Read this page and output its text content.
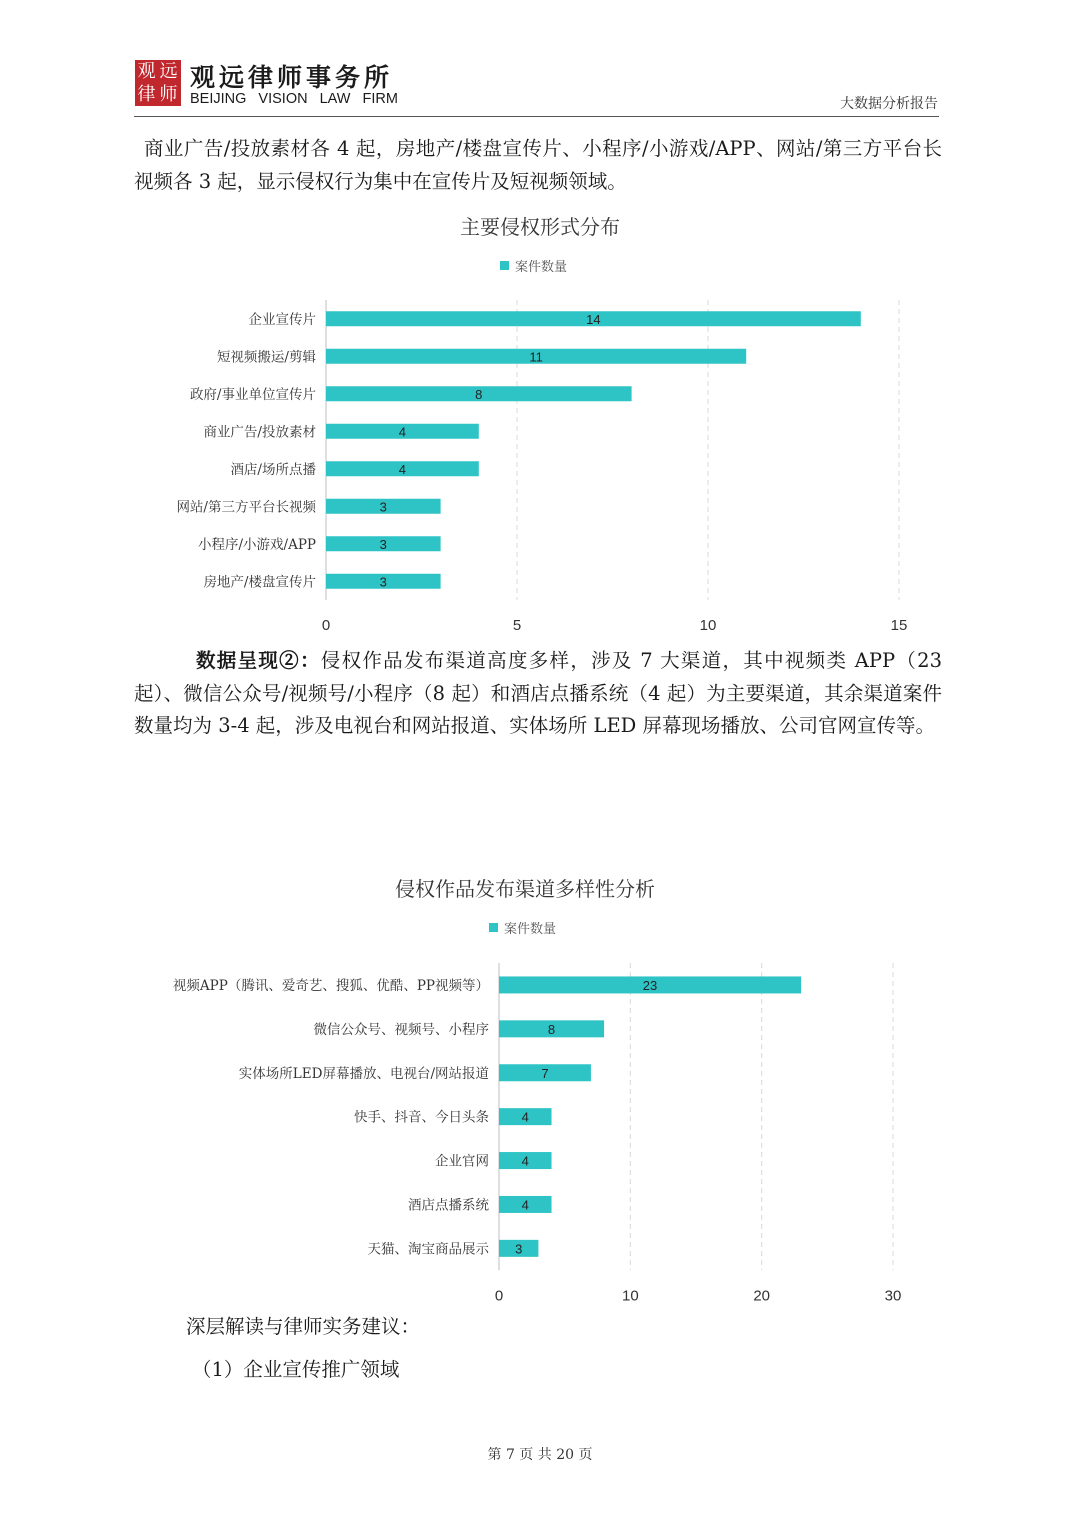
观 远
律 师
观远律师事务所
BEIJING VISION LAW FIRM	大数据分析报告
商业广告/投放素材各 4 起，房地产/楼盘宣传片、小程序/小游戏/APP、网站/第三方平台长视频各 3 起，显示侵权行为集中在宣传片及短视频领域。
主要侵权形式分布
案件数量
0	5	10	15
企业宣传片	14
短视频搬运/剪辑	11
政府/事业单位宣传片	8
商业广告/投放素材	4
酒店/场所点播	4
网站/第三方平台长视频	3
小程序/小游戏/APP	3
房地产/楼盘宣传片	3
数据呈现②：侵权作品发布渠道高度多样，涉及 7 大渠道，其中视频类 APP（23 起）、微信公众号/视频号/小程序（8 起）和酒店点播系统（4 起）为主要渠道，其余渠道案件数量均为 3-4 起，涉及电视台和网站报道、实体场所 LED 屏幕现场播放、公司官网宣传等。
侵权作品发布渠道多样性分析
案件数量
0	10	20	30
视频APP（腾讯、爱奇艺、搜狐、优酷、PP视频等）	23
微信公众号、视频号、小程序	8
实体场所LED屏幕播放、电视台/网站报道	7
快手、抖音、今日头条	4
企业官网	4
酒店点播系统	4
天猫、淘宝商品展示 3
深层解读与律师实务建议：
（1）企业宣传推广领域
第 7 页 共 20 页
